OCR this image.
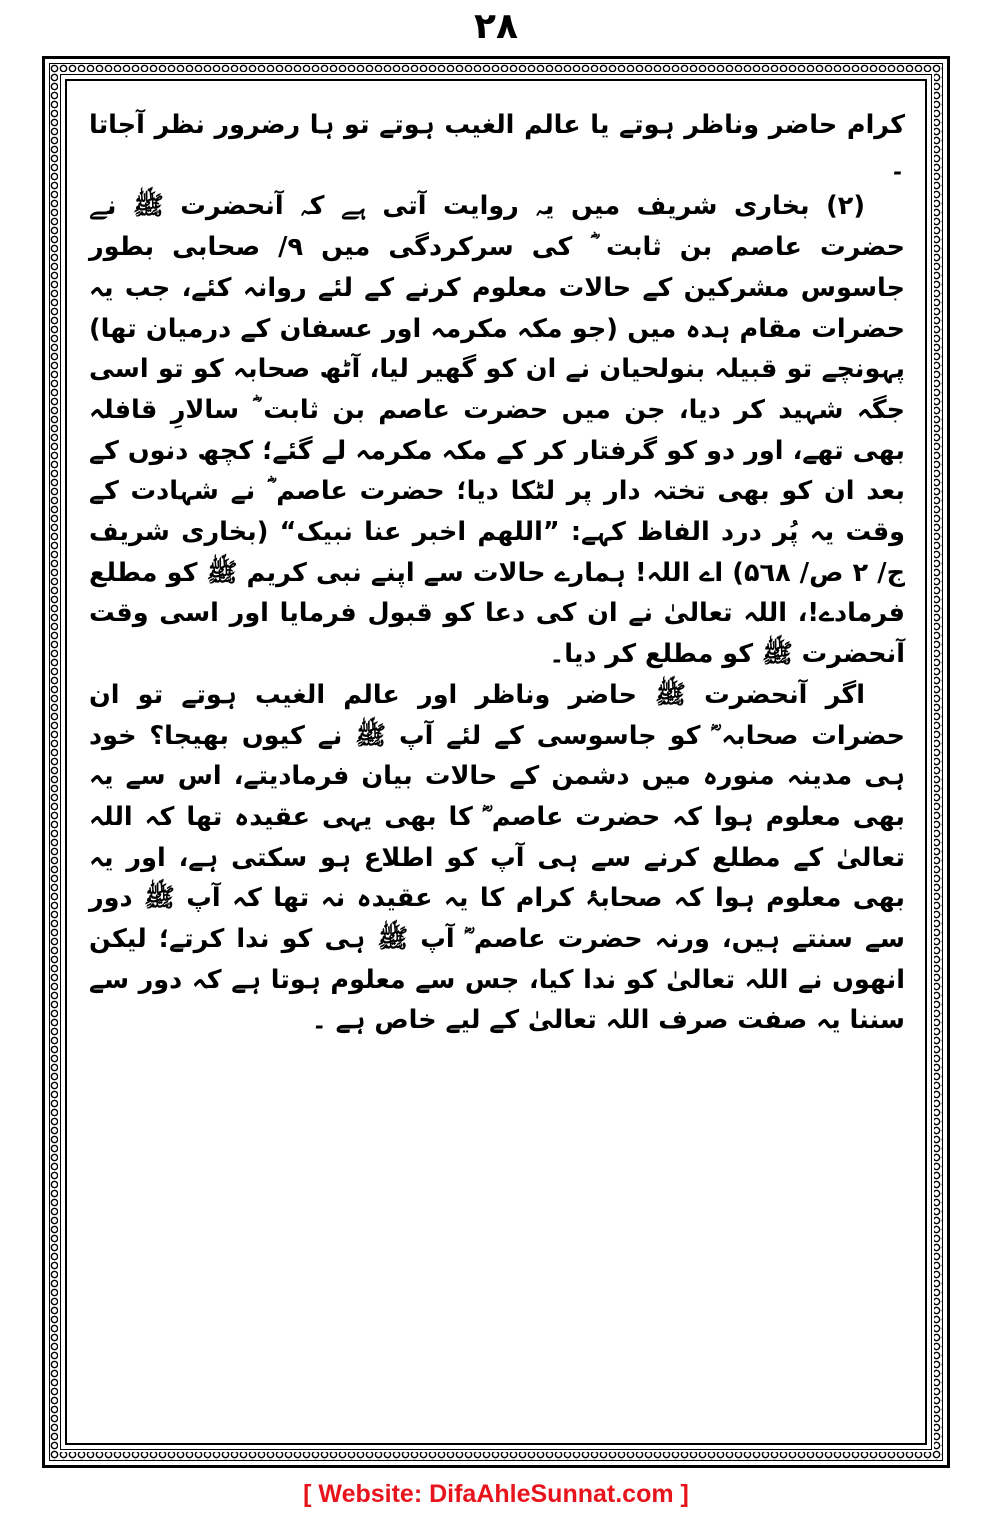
۲۸

کرام حاضر وناظر ہوتے یا عالم الغیب ہوتے تو ہا رضرور نظر آجاتا ۔

(۲) بخاری شریف میں یہ روایت آتی ہے کہ آنحضرت ﷺ نے حضرت عاصم بن ثابت ؓ کی سرکردگی میں ۹/ صحابی بطور جاسوس مشرکین کے حالات معلوم کرنے کے لئے روانہ کئے، جب یہ حضرات مقام ہدہ میں (جو مکہ مکرمہ اور عسفان کے درمیان تھا) پہونچے تو قبیلہ بنولحیان نے ان کو گھیر لیا، آٹھ صحابہ کو تو اسی جگہ شہید کر دیا، جن میں حضرت عاصم بن ثابت ؓ سالارِ قافلہ بھی تھے، اور دو کو گرفتار کر کے مکہ مکرمہ لے گئے؛ کچھ دنوں کے بعد ان کو بھی تختہ دار پر لٹکا دیا؛ حضرت عاصم ؓ نے شہادت کے وقت یہ پُر درد الفاظ کہے: ”اللھم اخبر عنا نبیک“ (بخاری شریف ج/ ۲ ص/ ۵٦۸) اے اللہ! ہمارے حالات سے اپنے نبی کریم ﷺ کو مطلع فرمادے!، اللہ تعالیٰ نے ان کی دعا کو قبول فرمایا اور اسی وقت آنحضرت ﷺ کو مطلع کر دیا۔

اگر آنحضرت ﷺ حاضر وناظر اور عالم الغیب ہوتے تو ان حضرات صحابہ ؓ کو جاسوسی کے لئے آپ ﷺ نے کیوں بھیجا؟ خود ہی مدینہ منورہ میں دشمن کے حالات بیان فرمادیتے، اس سے یہ بھی معلوم ہوا کہ حضرت عاصم ؓ کا بھی یہی عقیدہ تھا کہ اللہ تعالیٰ کے مطلع کرنے سے ہی آپ کو اطلاع ہو سکتی ہے، اور یہ بھی معلوم ہوا کہ صحابۂ کرام کا یہ عقیدہ نہ تھا کہ آپ ﷺ دور سے سنتے ہیں، ورنہ حضرت عاصم ؓ آپ ﷺ ہی کو ندا کرتے؛ لیکن انھوں نے اللہ تعالیٰ کو ندا کیا، جس سے معلوم ہوتا ہے کہ دور سے سننا یہ صفت صرف اللہ تعالیٰ کے لیے خاص ہے ۔

[ Website: DifaAhleSunnat.com ]
